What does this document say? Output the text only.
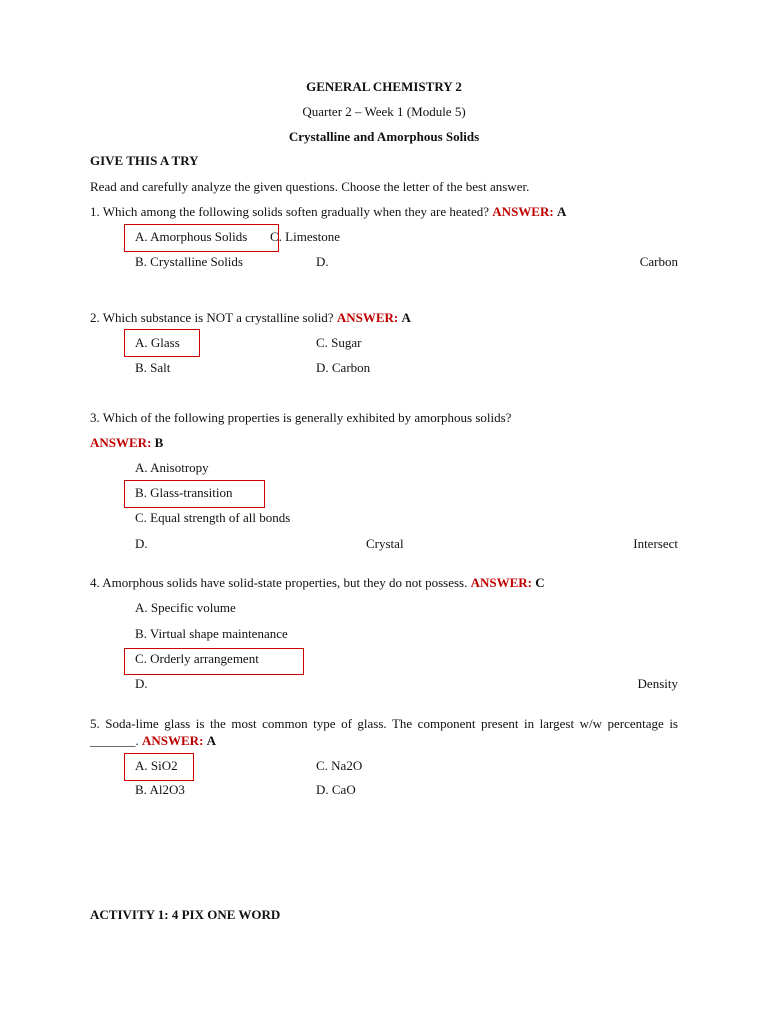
GENERAL CHEMISTRY 2
Quarter 2 – Week 1 (Module 5)
Crystalline and Amorphous Solids
GIVE THIS A TRY
Read and carefully analyze the given questions. Choose the letter of the best answer.
1. Which among the following solids soften gradually when they are heated? ANSWER: A
A. Amorphous Solids C. Limestone
B. Crystalline Solids	D.	Carbon
2. Which substance is NOT a crystalline solid? ANSWER: A
A. Glass	C. Sugar
B. Salt	D. Carbon
3. Which of the following properties is generally exhibited by amorphous solids?
ANSWER: B
A. Anisotropy
B. Glass-transition
C. Equal strength of all bonds
D.	Crystal	Intersect
4. Amorphous solids have solid-state properties, but they do not possess. ANSWER: C
A. Specific volume
B. Virtual shape maintenance
C. Orderly arrangement
D.	Density
5. Soda-lime glass is the most common type of glass. The component present in largest w/w percentage is _______. ANSWER: A
A. SiO2	C. Na2O
B. Al2O3	D. CaO
ACTIVITY 1: 4 PIX ONE WORD
